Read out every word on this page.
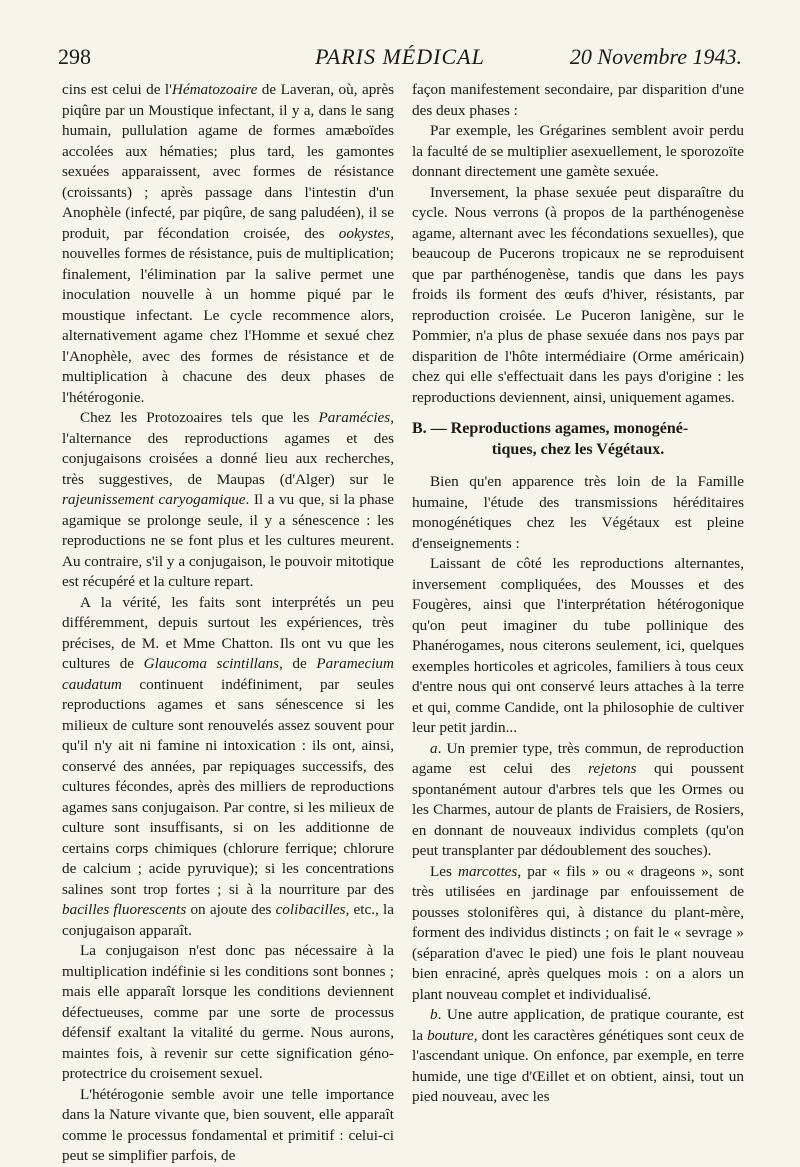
298	PARIS MÉDICAL	20 Novembre 1943.

cins est celui de l'Hématozoaire de Laveran, où, après piqûre par un Moustique infectant, il y a, dans le sang humain, pullulation agame de formes amæboïdes accolées aux hématies; plus tard, les gamontes sexuées apparaissent, avec formes de résistance (croissants) ; après passage dans l'intestin d'un Anophèle (infecté, par piqûre, de sang paludéen), il se produit, par fécondation croisée, des ookystes, nouvelles formes de résistance, puis de multiplication; finalement, l'élimination par la salive permet une inoculation nouvelle à un homme piqué par le moustique infectant. Le cycle recommence alors, alternativement agame chez l'Homme et sexué chez l'Anophèle, avec des formes de résistance et de multiplication à chacune des deux phases de l'hétérogonie.

Chez les Protozoaires tels que les Paramécies, l'alternance des reproductions agames et des conjugaisons croisées a donné lieu aux recherches, très suggestives, de Maupas (d'Alger) sur le rajeunissement caryogamique. Il a vu que, si la phase agamique se prolonge seule, il y a sénescence : les reproductions ne se font plus et les cultures meurent. Au contraire, s'il y a conjugaison, le pouvoir mitotique est récupéré et la culture repart.

A la vérité, les faits sont interprétés un peu différemment, depuis surtout les expériences, très précises, de M. et Mme Chatton. Ils ont vu que les cultures de Glaucoma scintillans, de Paramecium caudatum continuent indéfiniment, par seules reproductions agames et sans sénescence si les milieux de culture sont renouvelés assez souvent pour qu'il n'y ait ni famine ni intoxication : ils ont, ainsi, conservé des années, par repiquages successifs, des cultures fécondes, après des milliers de reproductions agames sans conjugaison. Par contre, si les milieux de culture sont insuffisants, si on les additionne de certains corps chimiques (chlorure ferrique; chlorure de calcium ; acide pyruvique); si les concentrations salines sont trop fortes ; si à la nourriture par des bacilles fluorescents on ajoute des colibacilles, etc., la conjugaison apparaît.

La conjugaison n'est donc pas nécessaire à la multiplication indéfinie si les conditions sont bonnes ; mais elle apparaît lorsque les conditions deviennent défectueuses, comme par une sorte de processus défensif exaltant la vitalité du germe. Nous aurons, maintes fois, à revenir sur cette signification géno-protectrice du croisement sexuel.

L'hétérogonie semble avoir une telle importance dans la Nature vivante que, bien souvent, elle apparaît comme le processus fondamental et primitif : celui-ci peut se simplifier parfois, de

façon manifestement secondaire, par disparition d'une des deux phases :

Par exemple, les Grégarines semblent avoir perdu la faculté de se multiplier asexuellement, le sporozoïte donnant directement une gamète sexuée.

Inversement, la phase sexuée peut disparaître du cycle. Nous verrons (à propos de la parthénogenèse agame, alternant avec les fécondations sexuelles), que beaucoup de Pucerons tropicaux ne se reproduisent que par parthénogenèse, tandis que dans les pays froids ils forment des œufs d'hiver, résistants, par reproduction croisée. Le Puceron lanigène, sur le Pommier, n'a plus de phase sexuée dans nos pays par disparition de l'hôte intermédiaire (Orme américain) chez qui elle s'effectuait dans les pays d'origine : les reproductions deviennent, ainsi, uniquement agames.

B. — Reproductions agames, monogéné-
tiques, chez les Végétaux.

Bien qu'en apparence très loin de la Famille humaine, l'étude des transmissions héréditaires monogénétiques chez les Végétaux est pleine d'enseignements :

Laissant de côté les reproductions alternantes, inversement compliquées, des Mousses et des Fougères, ainsi que l'interprétation hétérogonique qu'on peut imaginer du tube pollinique des Phanérogames, nous citerons seulement, ici, quelques exemples horticoles et agricoles, familiers à tous ceux d'entre nous qui ont conservé leurs attaches à la terre et qui, comme Candide, ont la philosophie de cultiver leur petit jardin...

a. Un premier type, très commun, de reproduction agame est celui des rejetons qui poussent spontanément autour d'arbres tels que les Ormes ou les Charmes, autour de plants de Fraisiers, de Rosiers, en donnant de nouveaux individus complets (qu'on peut transplanter par dédoublement des souches).

Les marcottes, par « fils » ou « drageons », sont très utilisées en jardinage par enfouissement de pousses stolonifères qui, à distance du plant-mère, forment des individus distincts ; on fait le « sevrage » (séparation d'avec le pied) une fois le plant nouveau bien enraciné, après quelques mois : on a alors un plant nouveau complet et individualisé.

b. Une autre application, de pratique courante, est la bouture, dont les caractères génétiques sont ceux de l'ascendant unique. On enfonce, par exemple, en terre humide, une tige d'Œillet et on obtient, ainsi, tout un pied nouveau, avec les
